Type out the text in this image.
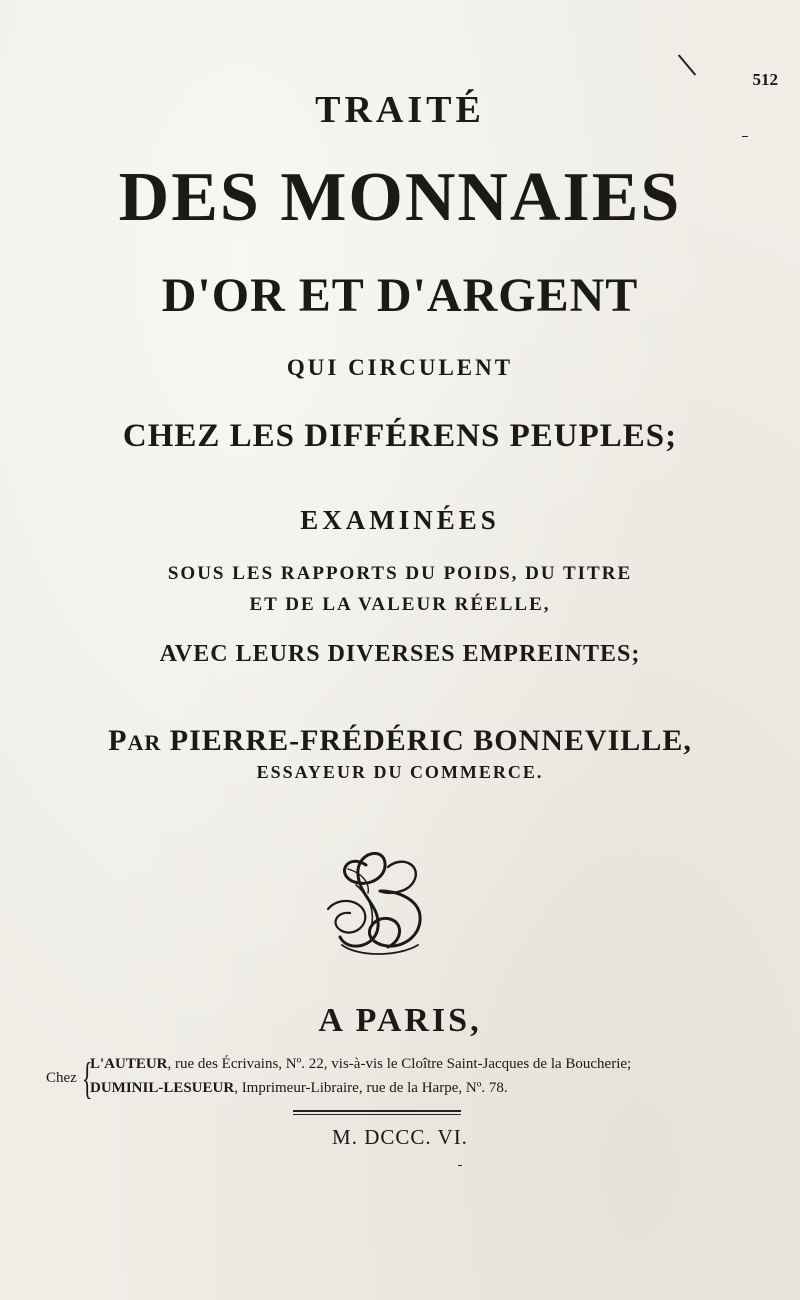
512
TRAITÉ
DES MONNAIES
D'OR ET D'ARGENT
QUI CIRCULENT
CHEZ LES DIFFÉRENS PEUPLES;
EXAMINÉES
SOUS LES RAPPORTS DU POIDS, DU TITRE
ET DE LA VALEUR RÉELLE,
AVEC LEURS DIVERSES EMPREINTES;
PAR PIERRE-FRÉDÉRIC BONNEVILLE,
ESSAYEUR DU COMMERCE.
A PARIS,
Chez {
L'AUTEUR, rue des Écrivains, Nº. 22, vis-à-vis le Cloître Saint-Jacques de la Boucherie;
DUMINIL-LESUEUR, Imprimeur-Libraire, rue de la Harpe, Nº. 78.
M. DCCC. VI.
